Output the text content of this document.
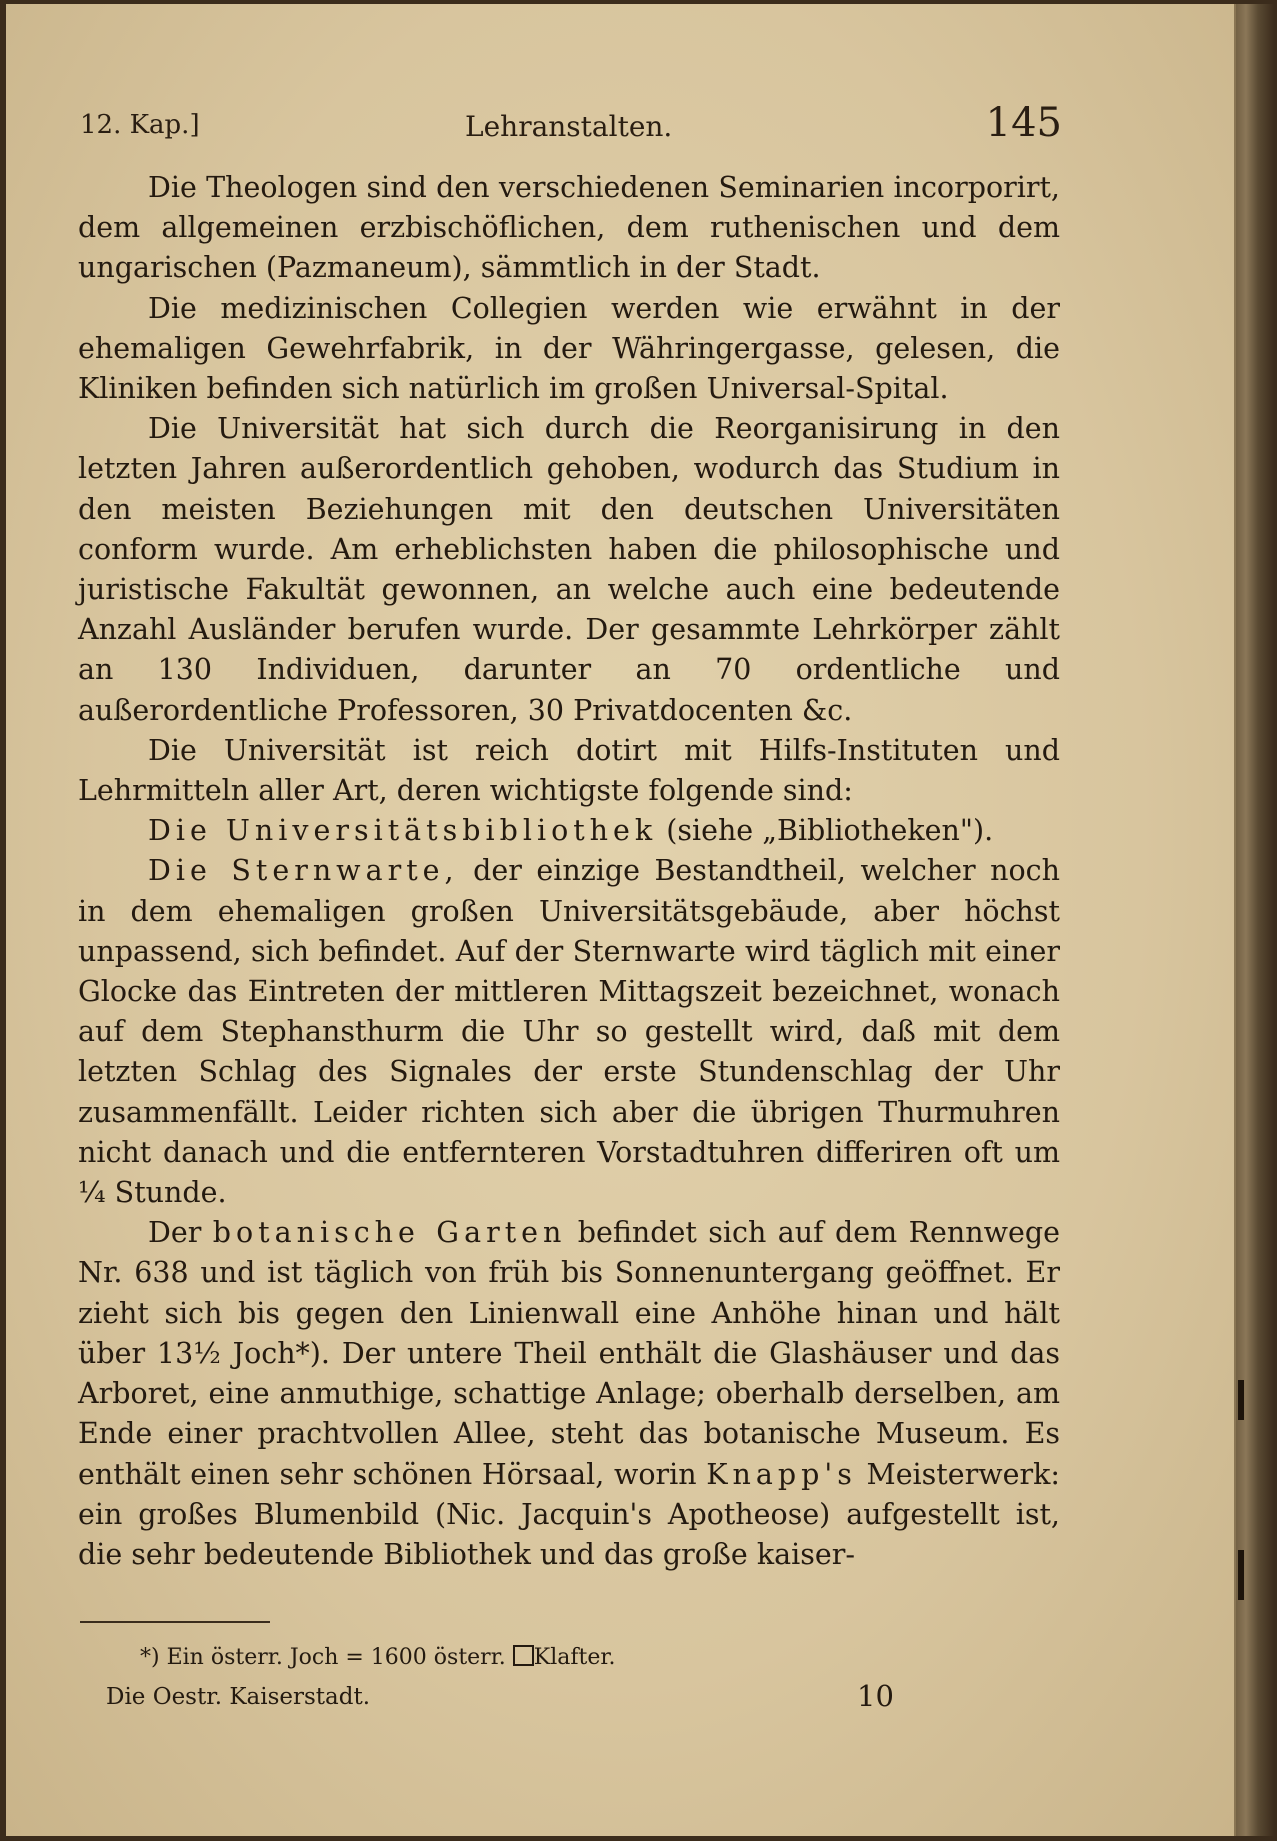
12. Kap.]	Lehranstalten.	145

Die Theologen sind den verschiedenen Seminarien incorporirt, dem allgemeinen erzbischöflichen, dem ruthenischen und dem ungarischen (Pazmaneum), sämmtlich in der Stadt.

Die medizinischen Collegien werden wie erwähnt in der ehemaligen Gewehrfabrik, in der Währingergasse, gelesen, die Kliniken befinden sich natürlich im großen Universal-Spital.

Die Universität hat sich durch die Reorganisirung in den letzten Jahren außerordentlich gehoben, wodurch das Studium in den meisten Beziehungen mit den deutschen Universitäten conform wurde. Am erheblichsten haben die philosophische und juristische Fakultät gewonnen, an welche auch eine bedeutende Anzahl Ausländer berufen wurde. Der gesammte Lehrkörper zählt an 130 Individuen, darunter an 70 ordentliche und außerordentliche Professoren, 30 Privatdocenten &c.

Die Universität ist reich dotirt mit Hilfs-Instituten und Lehrmitteln aller Art, deren wichtigste folgende sind:

Die Universitätsbibliothek (siehe „Bibliotheken").

Die Sternwarte, der einzige Bestandtheil, welcher noch in dem ehemaligen großen Universitätsgebäude, aber höchst unpassend, sich befindet. Auf der Sternwarte wird täglich mit einer Glocke das Eintreten der mittleren Mittagszeit bezeichnet, wonach auf dem Stephansthurm die Uhr so gestellt wird, daß mit dem letzten Schlag des Signales der erste Stundenschlag der Uhr zusammenfällt. Leider richten sich aber die übrigen Thurmuhren nicht danach und die entfernteren Vorstadtuhren differiren oft um ¼ Stunde.

Der botanische Garten befindet sich auf dem Rennwege Nr. 638 und ist täglich von früh bis Sonnenuntergang geöffnet. Er zieht sich bis gegen den Linienwall eine Anhöhe hinan und hält über 13½ Joch*). Der untere Theil enthält die Glashäuser und das Arboret, eine anmuthige, schattige Anlage; oberhalb derselben, am Ende einer prachtvollen Allee, steht das botanische Museum. Es enthält einen sehr schönen Hörsaal, worin Knapp's Meisterwerk: ein großes Blumenbild (Nic. Jacquin's Apotheose) aufgestellt ist, die sehr bedeutende Bibliothek und das große kaiser-

*) Ein österr. Joch = 1600 österr. Klafter.
Die Oestr. Kaiserstadt.	10
